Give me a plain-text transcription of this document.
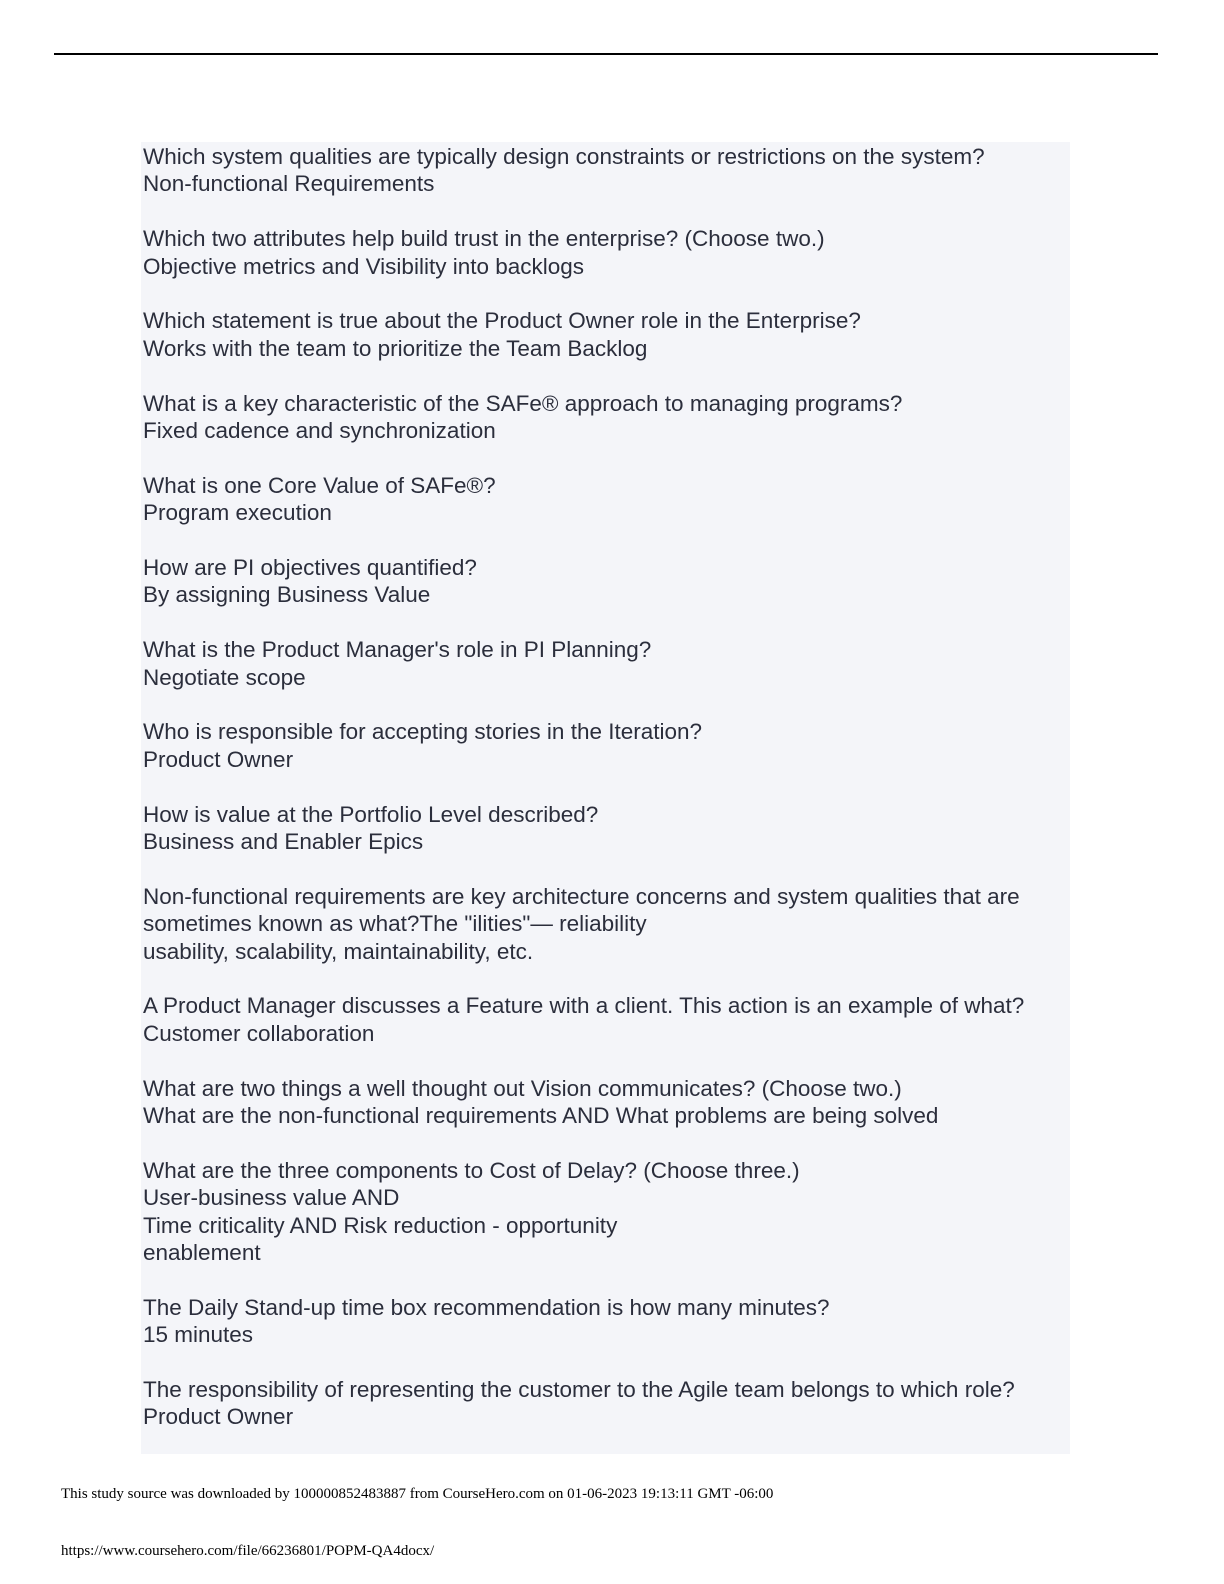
Which system qualities are typically design constraints or restrictions on the system?

Non-functional Requirements

Which two attributes help build trust in the enterprise? (Choose two.)

Objective metrics and Visibility into backlogs

Which statement is true about the Product Owner role in the Enterprise?

Works with the team to prioritize the Team Backlog

What is a key characteristic of the SAFe® approach to managing programs?

Fixed cadence and synchronization

What is one Core Value of SAFe®?

Program execution

How are PI objectives quantified?

By assigning Business Value

What is the Product Manager's role in PI Planning?

Negotiate scope

Who is responsible for accepting stories in the Iteration?

Product Owner

How is value at the Portfolio Level described?

Business and Enabler Epics

Non-functional requirements are key architecture concerns and system qualities that are sometimes known as what?The "ilities"— reliability

usability, scalability, maintainability, etc.

A Product Manager discusses a Feature with a client. This action is an example of what?

Customer collaboration

What are two things a well thought out Vision communicates? (Choose two.)

What are the non-functional requirements AND What problems are being solved

What are the three components to Cost of Delay? (Choose three.)

User-business value AND
Time criticality AND Risk reduction - opportunity
enablement

The Daily Stand-up time box recommendation is how many minutes?

15 minutes

The responsibility of representing the customer to the Agile team belongs to which role?

Product Owner

This study source was downloaded by 100000852483887 from CourseHero.com on 01-06-2023 19:13:11 GMT -06:00
https://www.coursehero.com/file/66236801/POPM-QA4docx/
